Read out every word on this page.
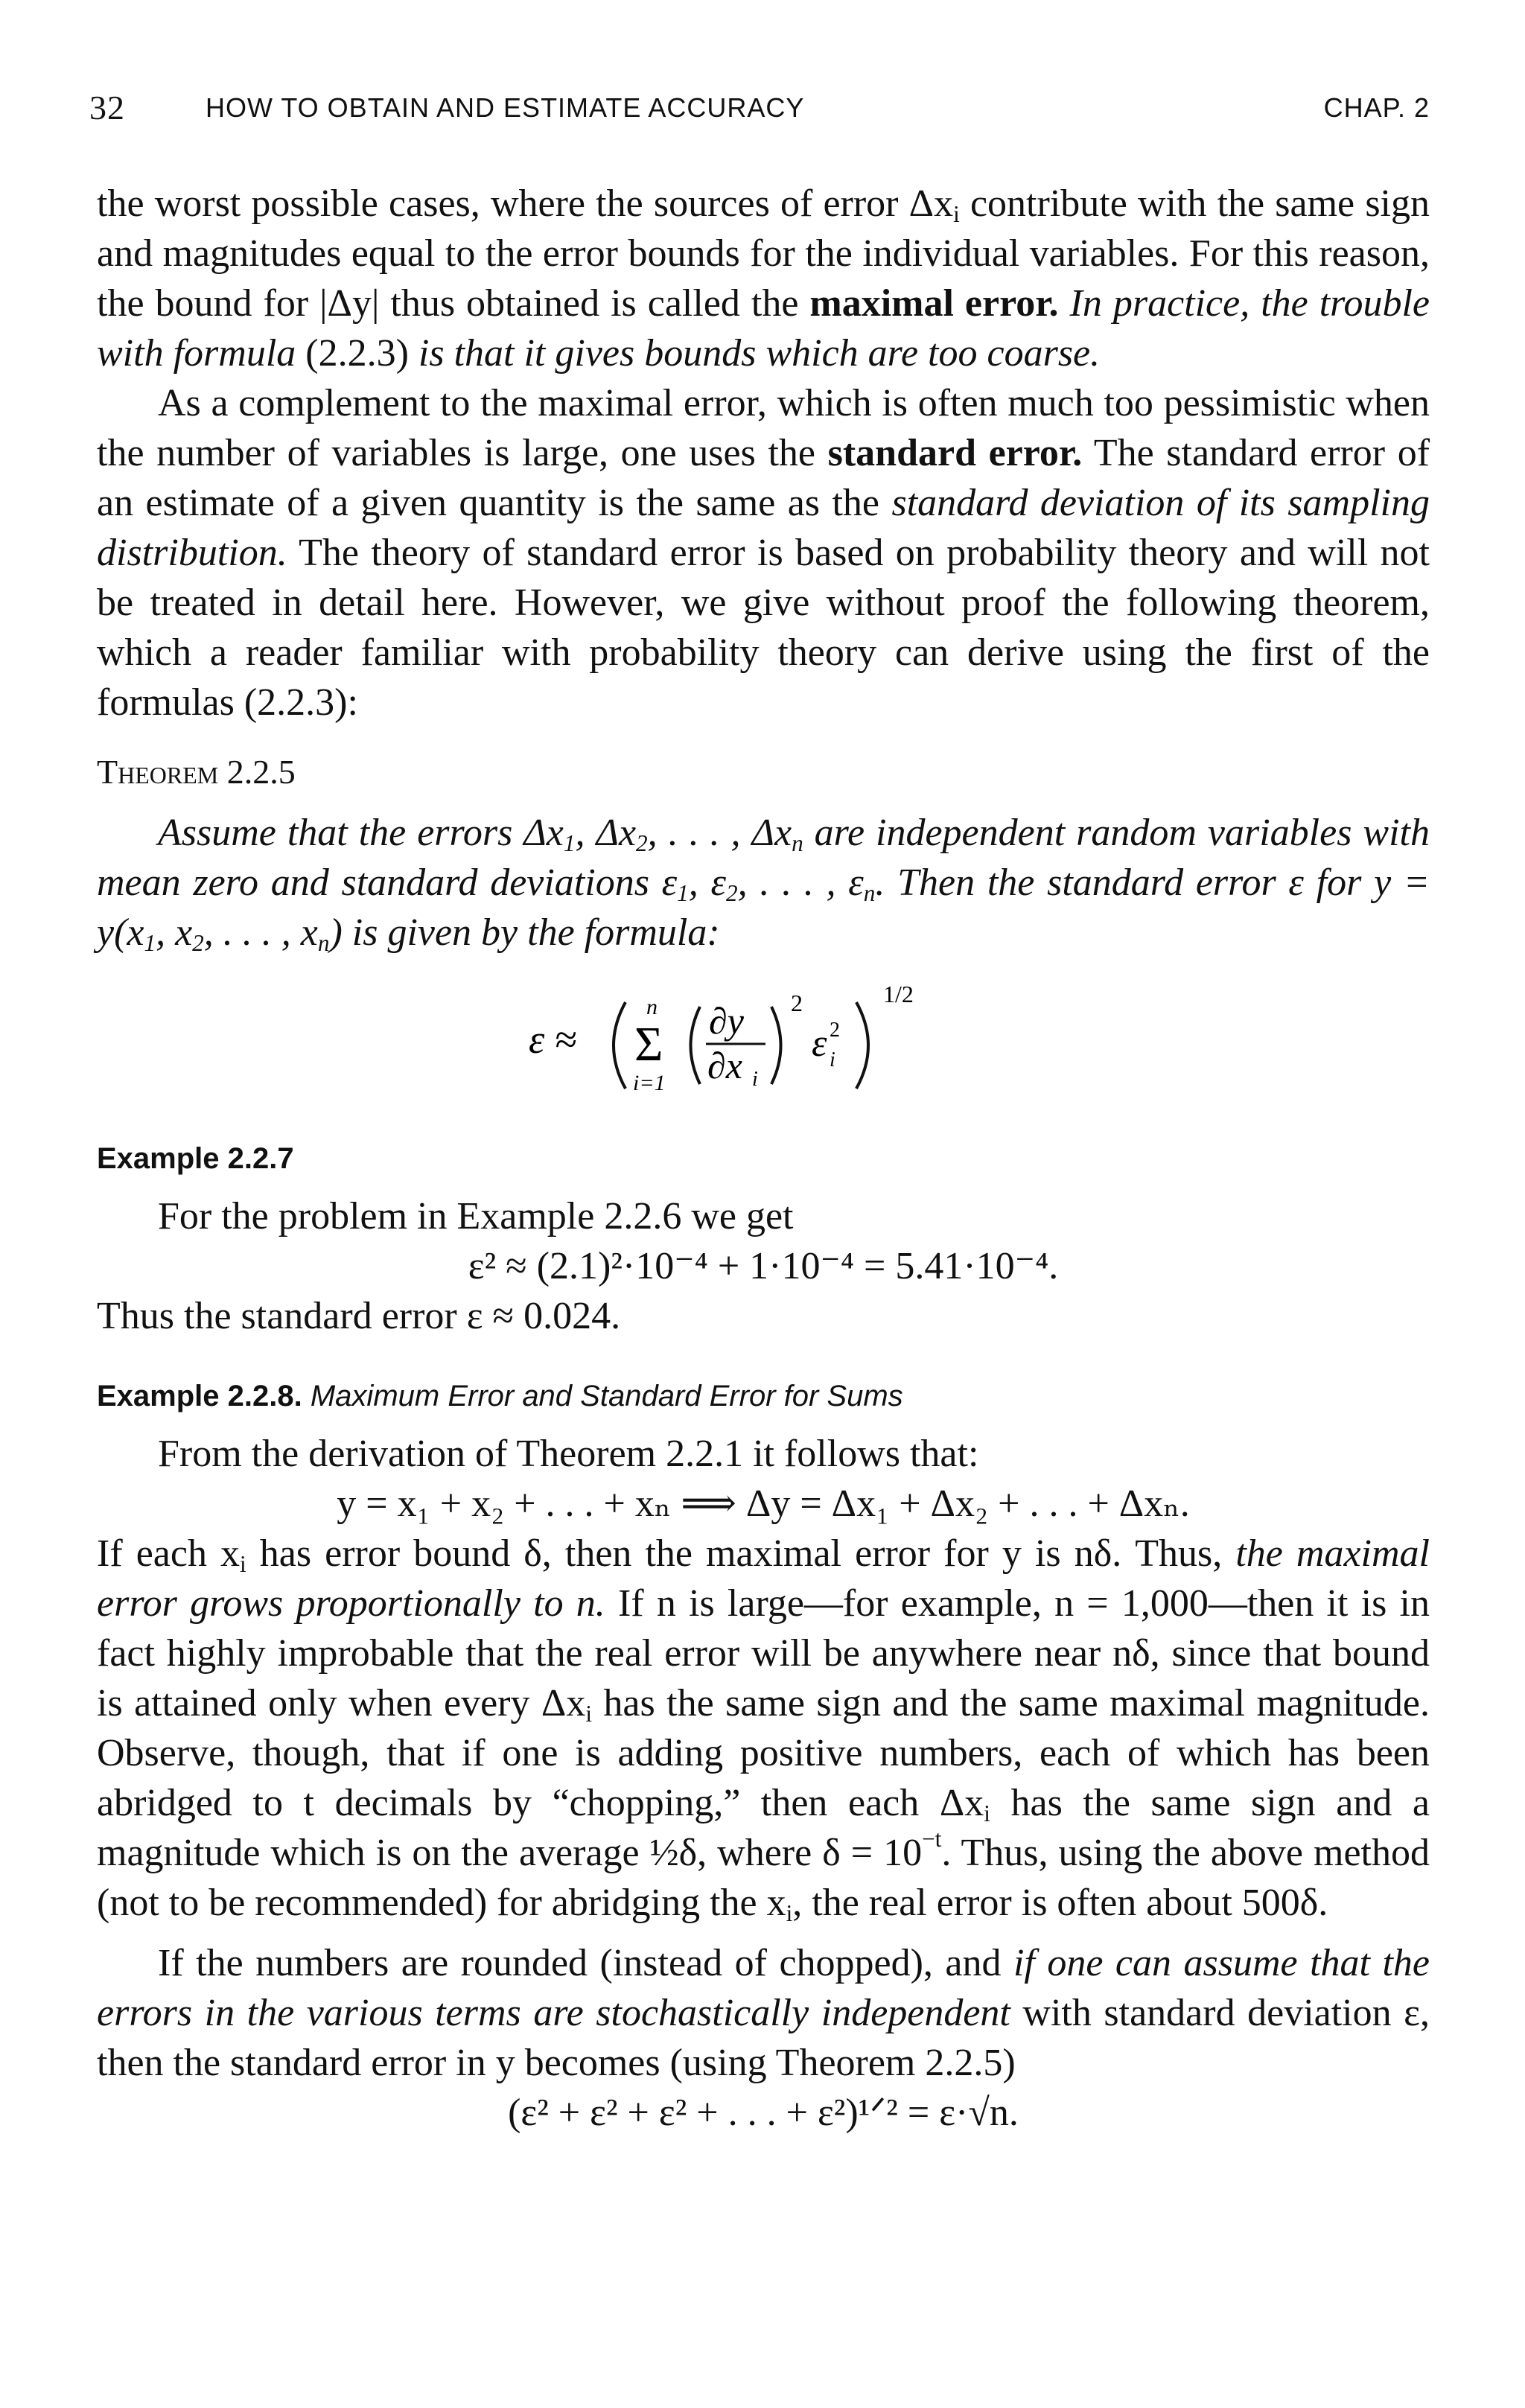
32	HOW TO OBTAIN AND ESTIMATE ACCURACY	CHAP. 2

the worst possible cases, where the sources of error $\Delta x_i$ contribute with the same sign and magnitudes equal to the error bounds for the individual variables. For this reason, the bound for |Δy| thus obtained is called the maximal error. In practice, the trouble with formula (2.2.3) is that it gives bounds which are too coarse.

As a complement to the maximal error, which is often much too pessimistic when the number of variables is large, one uses the standard error. The standard error of an estimate of a given quantity is the same as the standard deviation of its sampling distribution. The theory of standard error is based on probability theory and will not be treated in detail here. However, we give without proof the following theorem, which a reader familiar with probability theory can derive using the first of the formulas (2.2.3):

Theorem 2.2.5

Assume that the errors $\Delta x_1$, $\Delta x_2$, . . . , $\Delta x_n$ are independent random variables with mean zero and standard deviations $\varepsilon_1$, $\varepsilon_2$, . . . , $\varepsilon_n$. Then the standard error ε for $y = y(x_1$, $x_2$, . . . , $x_n$) is given by the formula:

ε ≈
n
Σ
i=1
∂y
∂x i
2
ε 2
i
1/2
Example 2.2.7

For the problem in Example 2.2.6 we get

ε² ≈ (2.1)²·10⁻⁴ + 1·10⁻⁴ = 5.41·10⁻⁴.

Thus the standard error ε ≈ 0.024.

Example 2.2.8. Maximum Error and Standard Error for Sums

From the derivation of Theorem 2.2.1 it follows that:

y = x₁ + x₂ + . . . + xₙ ⟹ Δy = Δx₁ + Δx₂ + . . . + Δxₙ.

If each $x_i$ has error bound δ, then the maximal error for y is nδ. Thus, the maximal error grows proportionally to n. If n is large—for example, n = 1,000—then it is in fact highly improbable that the real error will be anywhere near nδ, since that bound is attained only when every $\Delta x_i$ has the same sign and the same maximal magnitude. Observe, though, that if one is adding positive numbers, each of which has been abridged to t decimals by “chopping,” then each $\Delta x_i$ has the same sign and a magnitude which is on the average ½δ, where $\delta = 10^{-t}$. Thus, using the above method (not to be recommended) for abridging the $x_i$, the real error is often about 500δ.

If the numbers are rounded (instead of chopped), and if one can assume that the errors in the various terms are stochastically independent with standard deviation ε, then the standard error in y becomes (using Theorem 2.2.5)

(ε² + ε² + ε² + . . . + ε²)¹ᐟ² = ε·√n.
